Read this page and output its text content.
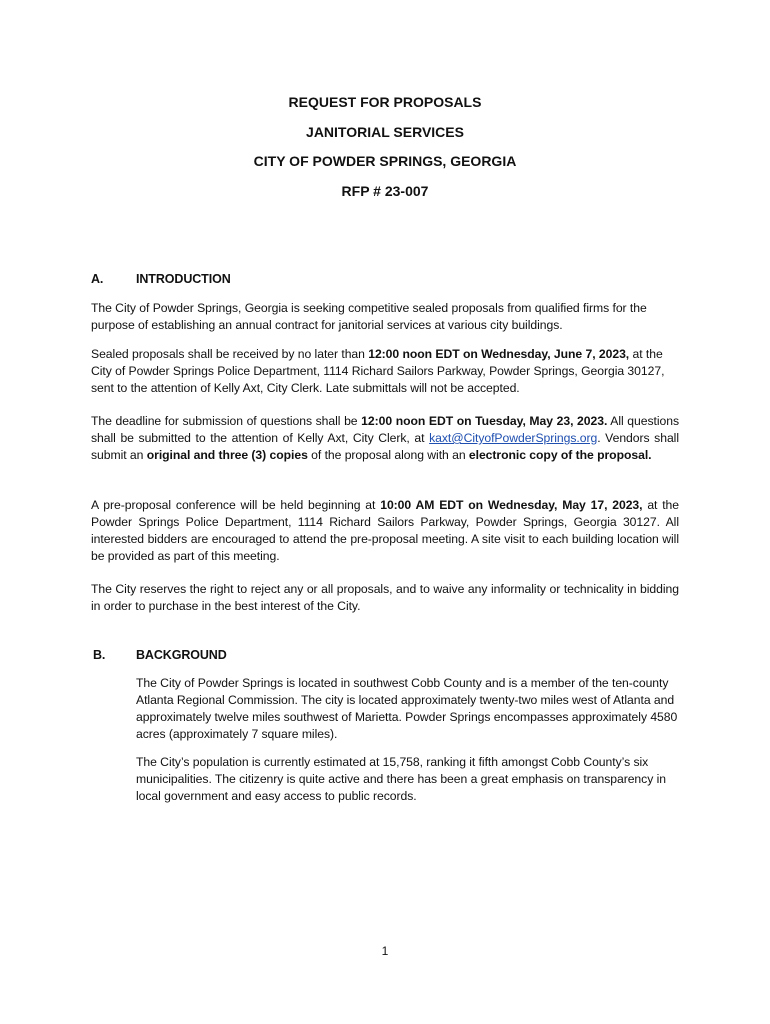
REQUEST FOR PROPOSALS
JANITORIAL SERVICES
CITY OF POWDER SPRINGS, GEORGIA
RFP # 23-007
A.	INTRODUCTION
The City of Powder Springs, Georgia is seeking competitive sealed proposals from qualified firms for the purpose of establishing an annual contract for janitorial services at various city buildings.
Sealed proposals shall be received by no later than 12:00 noon EDT on Wednesday, June 7, 2023, at the City of Powder Springs Police Department, 1114 Richard Sailors Parkway, Powder Springs, Georgia 30127, sent to the attention of Kelly Axt, City Clerk. Late submittals will not be accepted.
The deadline for submission of questions shall be 12:00 noon EDT on Tuesday, May 23, 2023. All questions shall be submitted to the attention of Kelly Axt, City Clerk, at kaxt@CityofPowderSprings.org. Vendors shall submit an original and three (3) copies of the proposal along with an electronic copy of the proposal.
A pre-proposal conference will be held beginning at 10:00 AM EDT on Wednesday, May 17, 2023, at the Powder Springs Police Department, 1114 Richard Sailors Parkway, Powder Springs, Georgia 30127. All interested bidders are encouraged to attend the pre-proposal meeting. A site visit to each building location will be provided as part of this meeting.
The City reserves the right to reject any or all proposals, and to waive any informality or technicality in bidding in order to purchase in the best interest of the City.
B. BACKGROUND
The City of Powder Springs is located in southwest Cobb County and is a member of the ten-county Atlanta Regional Commission. The city is located approximately twenty-two miles west of Atlanta and approximately twelve miles southwest of Marietta. Powder Springs encompasses approximately 4580 acres (approximately 7 square miles).
The City’s population is currently estimated at 15,758, ranking it fifth amongst Cobb County’s six municipalities. The citizenry is quite active and there has been a great emphasis on transparency in local government and easy access to public records.
1
